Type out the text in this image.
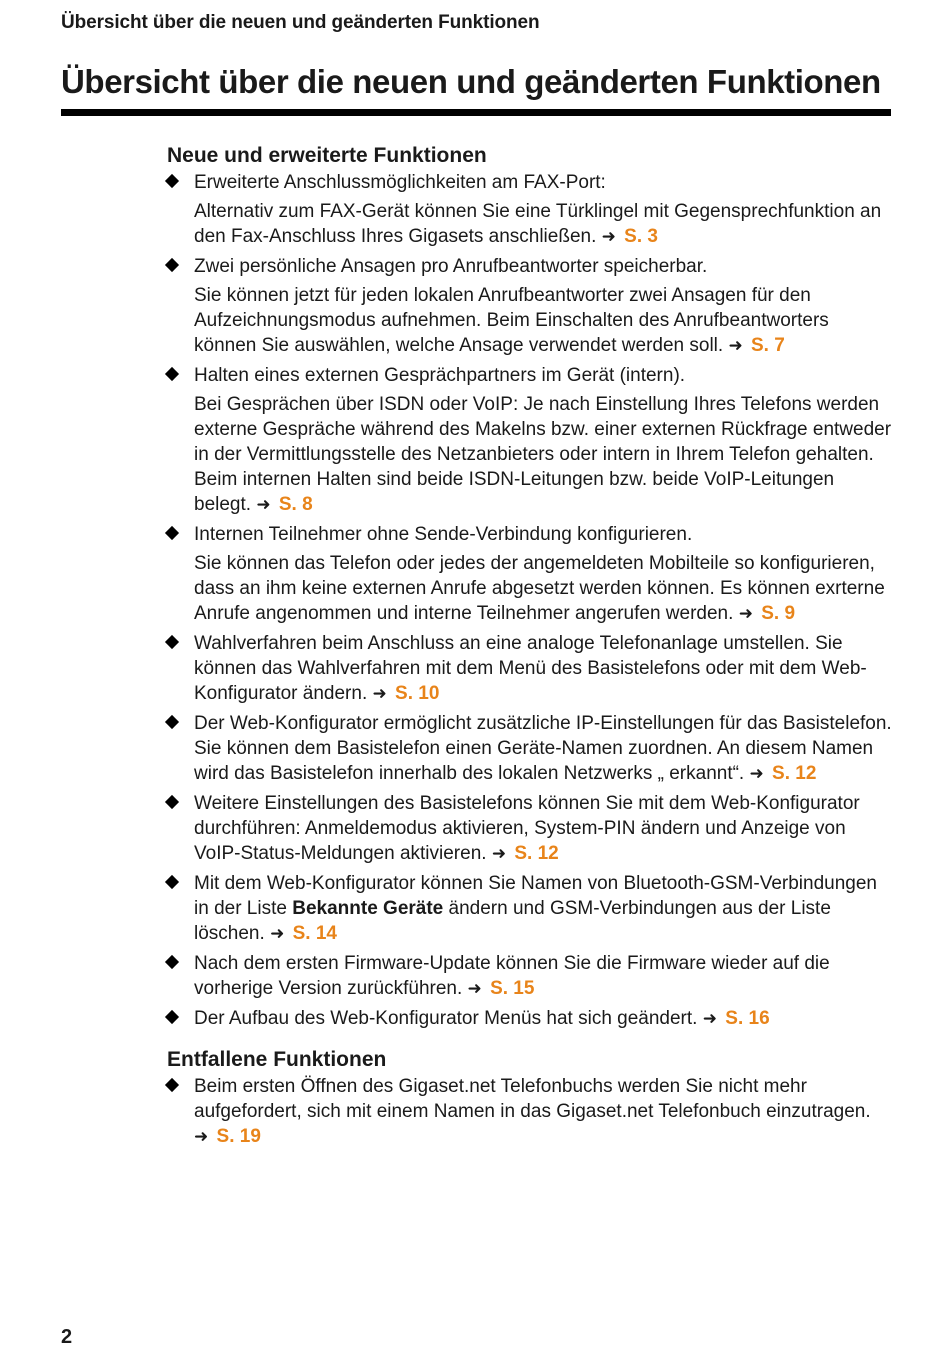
Übersicht über die neuen und geänderten Funktionen
Übersicht über die neuen und geänderten Funktionen
Neue und erweiterte Funktionen
Erweiterte Anschlussmöglichkeiten am FAX-Port:
Alternativ zum FAX-Gerät können Sie eine Türklingel mit Gegensprechfunktion an den Fax-Anschluss Ihres Gigasets anschließen. ➜ S. 3
Zwei persönliche Ansagen pro Anrufbeantworter speicherbar.
Sie können jetzt für jeden lokalen Anrufbeantworter zwei Ansagen für den Aufzeichnungsmodus aufnehmen. Beim Einschalten des Anrufbeantworters können Sie auswählen, welche Ansage verwendet werden soll. ➜ S. 7
Halten eines externen Gesprächpartners im Gerät (intern).
Bei Gesprächen über ISDN oder VoIP: Je nach Einstellung Ihres Telefons werden externe Gespräche während des Makelns bzw. einer externen Rückfrage entweder in der Vermittlungsstelle des Netzanbieters oder intern in Ihrem Telefon gehalten. Beim internen Halten sind beide ISDN-Leitungen bzw. beide VoIP-Leitungen belegt. ➜ S. 8
Internen Teilnehmer ohne Sende-Verbindung konfigurieren.
Sie können das Telefon oder jedes der angemeldeten Mobilteile so konfigurieren, dass an ihm keine externen Anrufe abgesetzt werden können. Es können exrterne Anrufe angenommen und interne Teilnehmer angerufen werden. ➜ S. 9
Wahlverfahren beim Anschluss an eine analoge Telefonanlage umstellen. Sie können das Wahlverfahren mit dem Menü des Basistelefons oder mit dem Web-Konfigurator ändern. ➜ S. 10
Der Web-Konfigurator ermöglicht zusätzliche IP-Einstellungen für das Basistelefon. Sie können dem Basistelefon einen Geräte-Namen zuordnen. An diesem Namen wird das Basistelefon innerhalb des lokalen Netzwerks „ erkannt“. ➜ S. 12
Weitere Einstellungen des Basistelefons können Sie mit dem Web-Konfigurator durchführen: Anmeldemodus aktivieren, System-PIN ändern und Anzeige von VoIP-Status-Meldungen aktivieren. ➜ S. 12
Mit dem Web-Konfigurator können Sie Namen von Bluetooth-GSM-Verbindungen in der Liste Bekannte Geräte ändern und GSM-Verbindungen aus der Liste löschen. ➜ S. 14
Nach dem ersten Firmware-Update können Sie die Firmware wieder auf die vorherige Version zurückführen. ➜ S. 15
Der Aufbau des Web-Konfigurator Menüs hat sich geändert. ➜ S. 16
Entfallene Funktionen
Beim ersten Öffnen des Gigaset.net Telefonbuchs werden Sie nicht mehr aufgefordert, sich mit einem Namen in das Gigaset.net Telefonbuch einzutragen. ➜ S. 19
2
